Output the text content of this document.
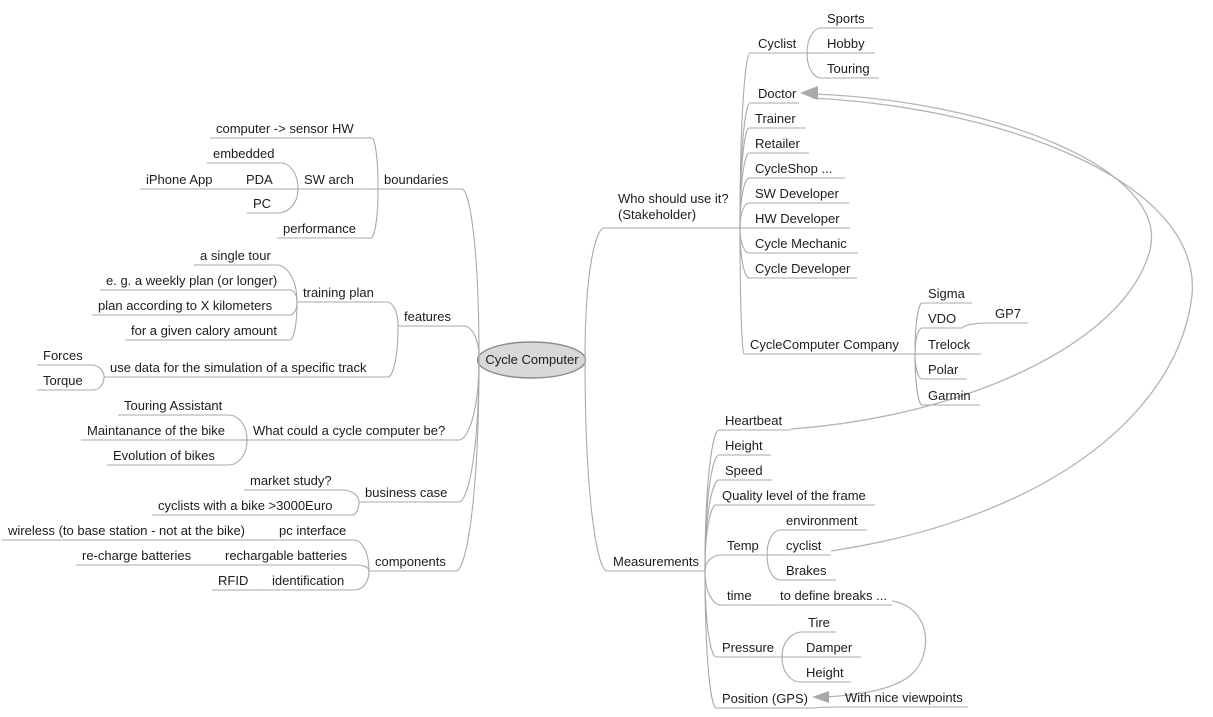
Cycle Computer
boundaries
computer -> sensor HW
SW arch
performance
embedded
PDA
PC
iPhone App
features
training plan
a single tour
e. g. a weekly plan (or longer)
plan according to X kilometers
for a given calory amount
use data for the simulation of a specific track
Forces
Torque
What could a cycle computer be?
Touring Assistant
Maintanance of the bike
Evolution of bikes
business case
market study?
cyclists with a bike >3000Euro
components
pc interface
wireless (to base station - not at the bike)
rechargable batteries
re-charge batteries
identification
RFID
Who should use it?
(Stakeholder)
Cyclist
Sports
Hobby
Touring
Doctor
Trainer
Retailer
CycleShop ...
SW Developer
HW Developer
Cycle Mechanic
Cycle Developer
CycleComputer Company
Sigma
VDO	GP7
Trelock
Polar
Garmin
Measurements
Heartbeat
Height
Speed
Quality level of the frame
Temp
environment
cyclist
Brakes
time to define breaks ...
Pressure
Tire
Damper
Height
Position (GPS)	With nice viewpoints
